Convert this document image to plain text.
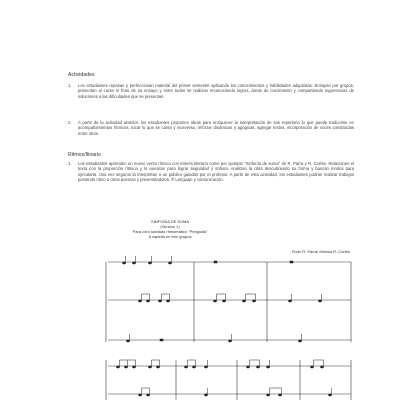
Actividades
1. Los estudiantes repasan y perfeccionan material del primer semestre aplicando los conocimientos y habilidades adquiridas. Ensayan por grupos, presentan al curso el fruto de su ensayo y entre todos se realizan reconociendo logros, áreas de crecimiento y compartiendo sugerencias de soluciones a las dificultades que se presentan.
2. A partir de la actividad anterior, los estudiantes proponen ideas para enriquecer la interpretación de sus repertorio lo que puede traducirse en acompañamientos rítmicos, tocar lo que se canta y viceversa, reforzar dinámicas y agógicas, agregar textos, incorporación de voces construidas entre otros.
Ritmos/Ilinario
1. Los estudiantes aprenden un nuevo verso rítmico con interés literario como por ejemplo "Sinfonía de suma" de R. Parra y R. Cortés. Relacionen el texto con la proporción rítmica y lo ejecutan para lograr seguridad y soltura. Analizan la obra descubriendo su forma y buscan modos para ejecutarla. Una vez seguros la interpretan a un público guiados por el profesor. A partir de esta actividad, los estudiantes podrán realizar trabajos poniendo ritmo a otros poemas y presentándolos. ® Lenguaje y comunicación.
SINFONÍA DE SUMA
(Versión 1)
Para coro hablado ritmomatico "Pringlulla"
A capella en tres grupos
Texto R. Parra/ Música R. Cortés
